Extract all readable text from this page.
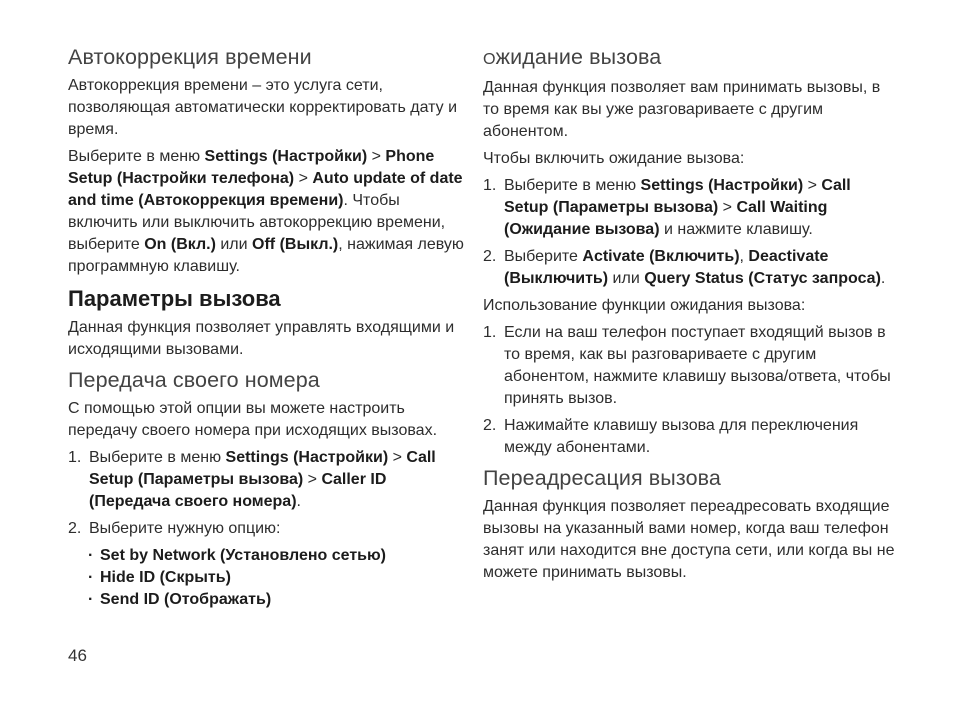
Автокоррекция времени

Автокоррекция времени – это услуга сети, позволяющая автоматически корректировать дату и время.

Выберите в меню Settings (Настройки) > Phone Setup (Настройки телефона) > Auto update of date and time (Автокоррекция времени). Чтобы включить или выключить автокоррекцию времени, выберите On (Вкл.) или Off (Выкл.), нажимая левую программную клавишу.

Параметры вызова

Данная функция позволяет управлять входящими и исходящими вызовами.

Передача своего номера

С помощью этой опции вы можете настроить передачу своего номера при исходящих вызовах.

1. Выберите в меню Settings (Настройки) > Call Setup (Параметры вызова) > Caller ID (Передача своего номера).
2. Выберите нужную опцию:
· Set by Network (Установлено сетью)
· Hide ID (Скрыть)
· Send ID (Отображать)
Ожидание вызова

Данная функция позволяет вам принимать вызовы, в то время как вы уже разговариваете с другим абонентом.

Чтобы включить ожидание вызова:

1. Выберите в меню Settings (Настройки) > Call Setup (Параметры вызова) > Call Waiting (Ожидание вызова) и нажмите клавишу.
2. Выберите Activate (Включить), Deactivate (Выключить) или Query Status (Статус запроса).

Использование функции ожидания вызова:

1. Если на ваш телефон поступает входящий вызов в то время, как вы разговариваете с другим абонентом, нажмите клавишу вызова/ответа, чтобы принять вызов.
2. Нажимайте клавишу вызова для переключения между абонентами.
Переадресация вызова

Данная функция позволяет переадресовать входящие вызовы на указанный вами номер, когда ваш телефон занят или находится вне доступа сети, или когда вы не можете принимать вызовы.

46
